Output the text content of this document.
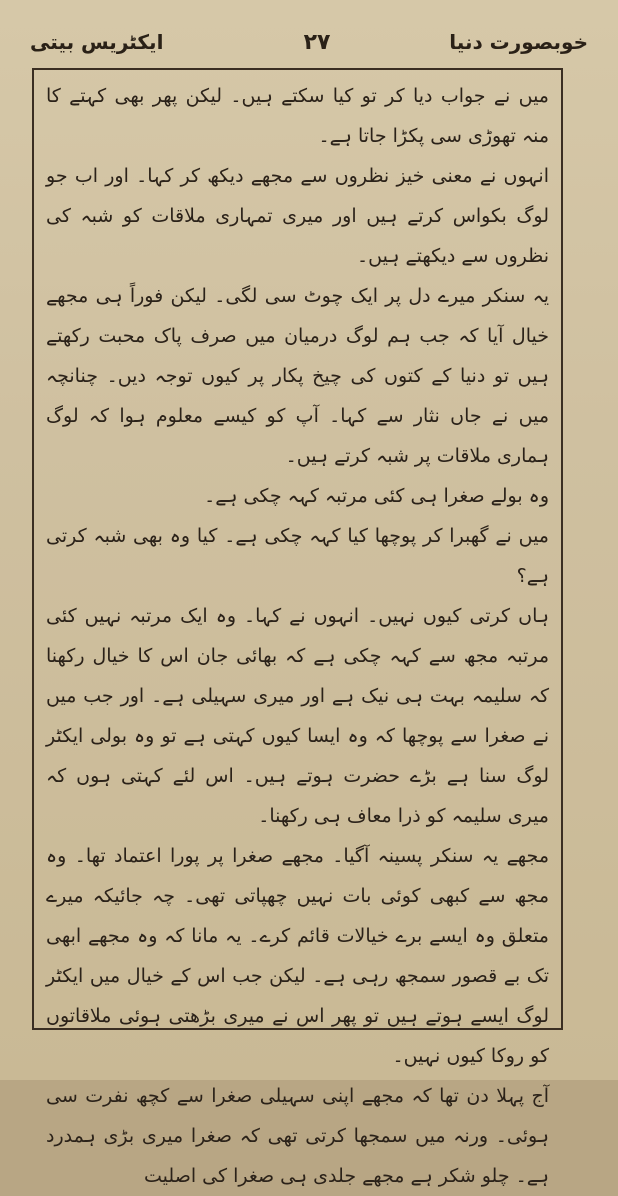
خوبصورت دنیا
۲۷
ایکٹریس بیتی

میں نے جواب دیا کر تو کیا سکتے ہیں۔ لیکن پھر بھی کہتے کا منہ تھوڑی سی پکڑا جاتا ہے۔

انہوں نے معنی خیز نظروں سے مجھے دیکھ کر کہا۔ اور اب جو لوگ بکواس کرتے ہیں اور میری تمہاری ملاقات کو شبہ کی نظروں سے دیکھتے ہیں۔

یہ سنکر میرے دل پر ایک چوٹ سی لگی۔ لیکن فوراً ہی مجھے خیال آیا کہ جب ہم لوگ درمیان میں صرف پاک محبت رکھتے ہیں تو دنیا کے کتوں کی چیخ پکار پر کیوں توجہ دیں۔ چنانچہ میں نے جاں نثار سے کہا۔ آپ کو کیسے معلوم ہوا کہ لوگ ہماری ملاقات پر شبہ کرتے ہیں۔

وہ بولے صغرا ہی کئی مرتبہ کہہ چکی ہے۔

میں نے گھبرا کر پوچھا کیا کہہ چکی ہے۔ کیا وہ بھی شبہ کرتی ہے؟

ہاں کرتی کیوں نہیں۔ انہوں نے کہا۔ وہ ایک مرتبہ نہیں کئی مرتبہ مجھ سے کہہ چکی ہے کہ بھائی جان اس کا خیال رکھنا کہ سلیمہ بہت ہی نیک ہے اور میری سہیلی ہے۔ اور جب میں نے صغرا سے پوچھا کہ وہ ایسا کیوں کہتی ہے تو وہ بولی ایکٹر لوگ سنا ہے بڑے حضرت ہوتے ہیں۔ اس لئے کہتی ہوں کہ میری سلیمہ کو ذرا معاف ہی رکھنا۔

مجھے یہ سنکر پسینہ آگیا۔ مجھے صغرا پر پورا اعتماد تھا۔ وہ مجھ سے کبھی کوئی بات نہیں چھپاتی تھی۔ چہ جائیکہ میرے متعلق وہ ایسے برے خیالات قائم کرے۔ یہ مانا کہ وہ مجھے ابھی تک بے قصور سمجھ رہی ہے۔ لیکن جب اس کے خیال میں ایکٹر لوگ ایسے ہوتے ہیں تو پھر اس نے میری بڑھتی ہوئی ملاقاتوں کو روکا کیوں نہیں۔

آج پہلا دن تھا کہ مجھے اپنی سہیلی صغرا سے کچھ نفرت سی ہوئی۔ ورنہ میں سمجھا کرتی تھی کہ صغرا میری بڑی ہمدرد ہے۔ چلو شکر ہے مجھے جلدی ہی صغرا کی اصلیت
